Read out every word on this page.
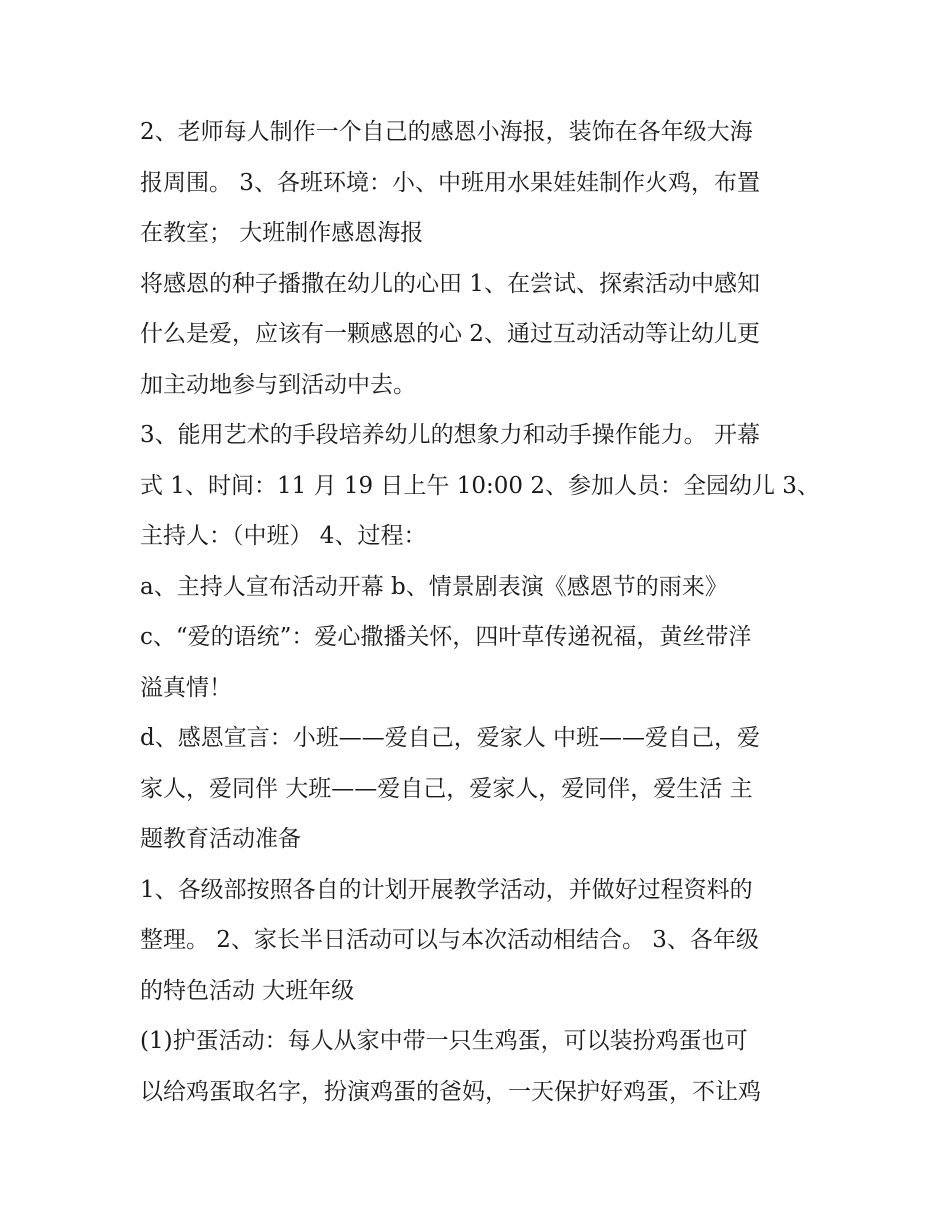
2、老师每人制作一个自己的感恩小海报，装饰在各年级大海
报周围。 3、各班环境：小、中班用水果娃娃制作火鸡，布置
在教室； 大班制作感恩海报
将感恩的种子播撒在幼儿的心田 1、在尝试、探索活动中感知
什么是爱，应该有一颗感恩的心 2、通过互动活动等让幼儿更
加主动地参与到活动中去。
3、能用艺术的手段培养幼儿的想象力和动手操作能力。 开幕
式 1、时间：11 月 19 日上午 10:00 2、参加人员：全园幼儿 3、
主持人：（中班） 4、过程：
a、主持人宣布活动开幕 b、情景剧表演《感恩节的雨来》
c、“爱的语统”：爱心撒播关怀，四叶草传递祝福，黄丝带洋
溢真情！
d、感恩宣言：小班——爱自己，爱家人 中班——爱自己，爱
家人，爱同伴 大班——爱自己，爱家人，爱同伴，爱生活 主
题教育活动准备
1、各级部按照各自的计划开展教学活动，并做好过程资料的
整理。 2、家长半日活动可以与本次活动相结合。 3、各年级
的特色活动 大班年级
(1)护蛋活动：每人从家中带一只生鸡蛋，可以装扮鸡蛋也可
以给鸡蛋取名字，扮演鸡蛋的爸妈，一天保护好鸡蛋，不让鸡
